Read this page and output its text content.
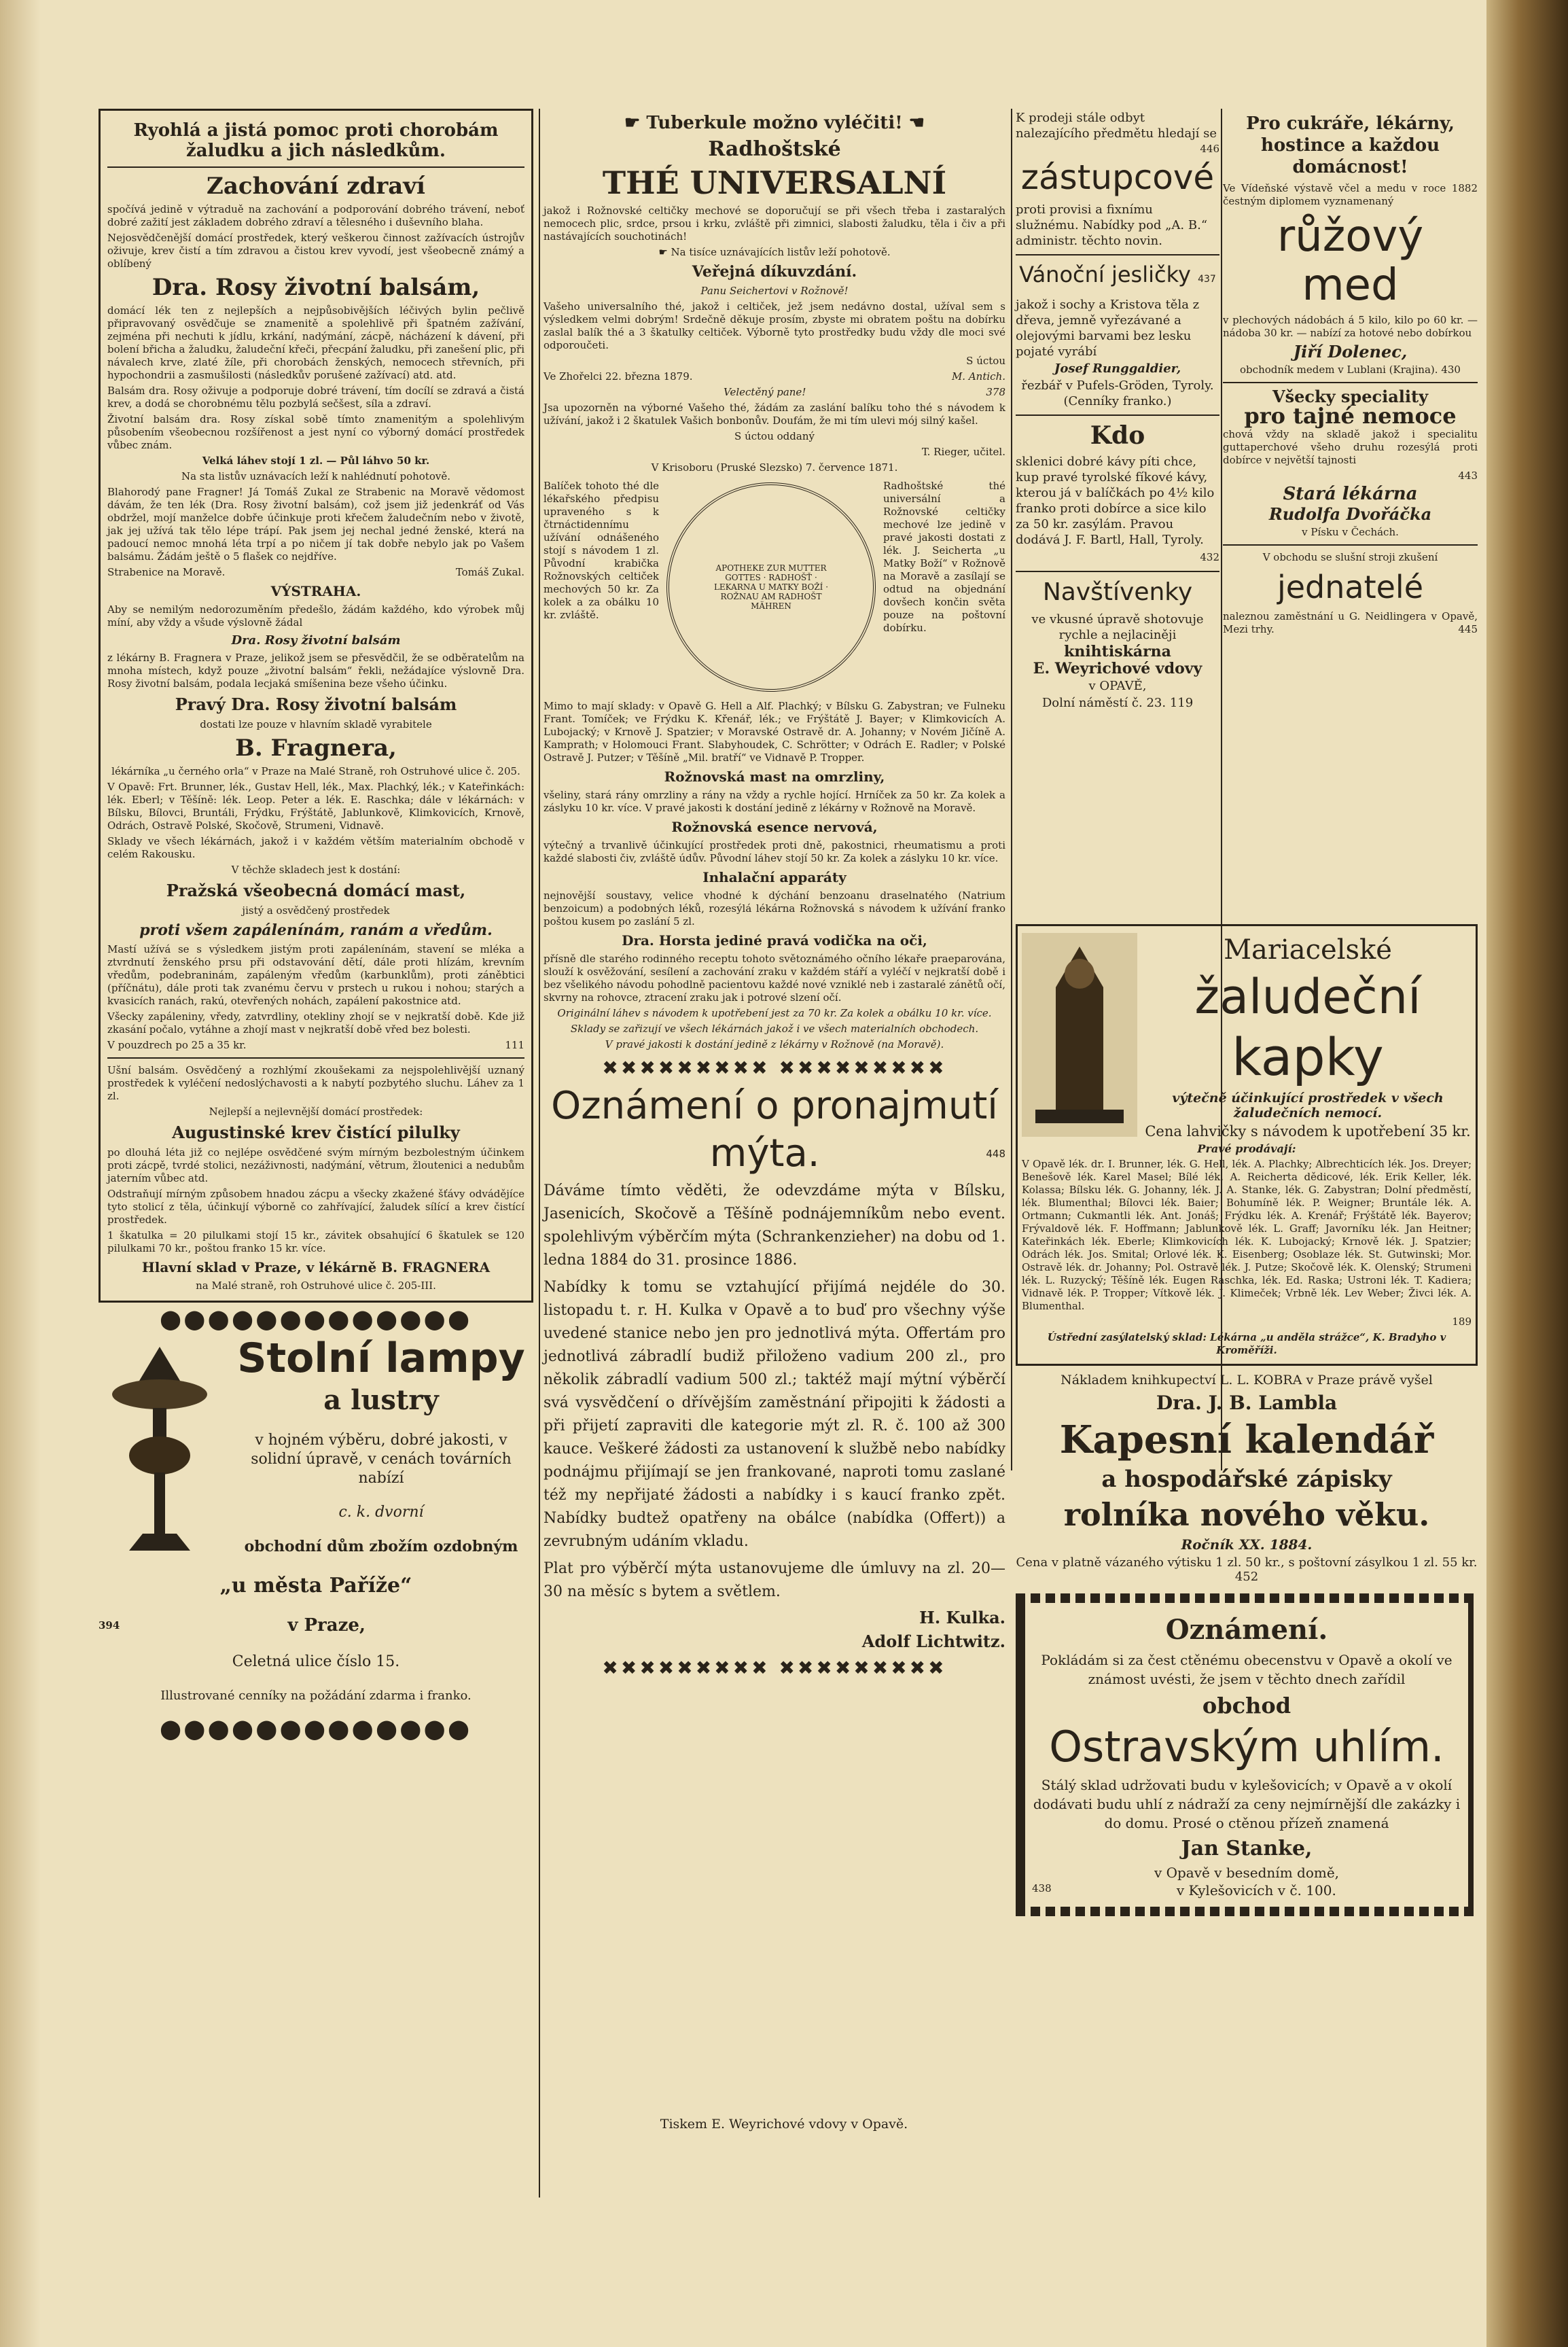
Ryohlá a jistá pomoc proti chorobám žaludku a jich následkům.
Zachování zdraví

spočívá jedině v výtraduě na zachování a podporování dobrého trávení, neboť dobré zažití jest základem dobrého zdraví a tělesného i duševního blaha.

Nejosvědčenější domácí prostředek, který veškerou činnost zažívacích ústrojův oživuje, krev čistí a tím zdravou a čistou krev vyvodí, jest všeobecně známý a oblíbený

Dra. Rosy životní balsám,

domácí lék ten z nejlepších a nejpůsobivějších léčivých bylin pečlivě připravovaný osvědčuje se znamenitě a spolehlivě při špatném zažívání, zejména při nechuti k jídlu, krkání, nadýmání, zácpě, nácházení k dávení, při bolení břicha a žaludku, žaludeční křeči, přecpání žaludku, při zanešení plic, při návalech krve, zlaté žíle, při chorobách ženských, nemocech střevních, při hypochondrii a zasmušilosti (následkův porušené zažívací) atd. atd.

Balsám dra. Rosy oživuje a podporuje dobré trávení, tím docílí se zdravá a čistá krev, a dodá se chorobnému tělu pozbylá sečšest, síla a zdraví.

Životní balsám dra. Rosy získal sobě tímto znamenitým a spolehlivým působením všeobecnou rozšířenost a jest nyní co výborný domácí prostředek vůbec znám.

Velká láhev stojí 1 zl. — Půl láhvo 50 kr.

Na sta listův uznávacích leží k nahlédnutí pohotově.

Blahorodý pane Fragner! Já Tomáš Zukal ze Strabenic na Moravě vědomost dávám, že ten lék (Dra. Rosy životní balsám), což jsem již jedenkráť od Vás obdržel, mojí manželce dobře účinkuje proti křečem žaludečním nebo v životě, jak jej užívá tak tělo lépe trápí. Pak jsem jej nechal jedné ženské, která na padoucí nemoc mnohá léta trpí a po ničem jí tak dobře nebylo jak po Vašem balsámu. Žádám ještě o 5 flašek co nejdříve.

Strabenice na Moravě.	Tomáš Zukal.

VÝSTRAHA.

Aby se nemilým nedorozuměním předešlo, žádám každého, kdo výrobek můj míní, aby vždy a všude výslovně žádal

Dra. Rosy životní balsám

z lékárny B. Fragnera v Praze, jelikož jsem se přesvědčil, že se odběratelům na mnoha místech, když pouze „životní balsám“ řekli, nežádajíce výslovně Dra. Rosy životní balsám, podala lecjaká smíšenina beze všeho účinku.

Pravý Dra. Rosy životní balsám

dostati lze pouze v hlavním skladě vyrabitele

B. Fragnera,

lékárníka „u černého orla“ v Praze na Malé Straně, roh Ostruhové ulice č. 205.

V Opavě: Frt. Brunner, lék., Gustav Hell, lék., Max. Plachký, lék.; v Kateřinkách: lék. Eberl; v Těšíně: lék. Leop. Peter a lék. E. Raschka; dále v lékárnách: v Bílsku, Bílovci, Bruntáli, Frýdku, Frýštátě, Jablunkově, Klimkovicích, Krnově, Odrách, Ostravě Polské, Skočově, Strumeni, Vidnavě.

Sklady ve všech lékárnách, jakož i v každém větším materialním obchodě v celém Rakousku.

V těchže skladech jest k dostání:

Pražská všeobecná domácí mast,

jistý a osvědčený prostředek

proti všem zapálenínám, ranám a vředům.

Mastí užívá se s výsledkem jistým proti zapálenínám, stavení se mléka a ztvrdnutí ženského prsu při odstavování dětí, dále proti hlízám, krevním vředům, podebraninám, zapáleným vředům (karbunklům), proti záněbtici (příčnátu), dále proti tak zvanému červu v prstech u rukou i nohou; starých a kvasicích ranách, rakú, otevřených nohách, zapálení pakostnice atd.

Všecky zapáleniny, vředy, zatvrdliny, otekliny zhojí se v nejkratší době. Kde již zkasání počalo, vytáhne a zhojí mast v nejkratší době vřed bez bolesti.

V pouzdrech po 25 a 35 kr.	111

Ušní balsám. Osvědčený a rozhlýmí zkoušekami za nejspolehlivější uznaný prostředek k vyléčení nedoslýchavosti a k nabytí pozbytého sluchu. Láhev za 1 zl.

Nejlepší a nejlevnější domácí prostředek:

Augustinské krev čistící pilulky

po dlouhá léta již co nejlépe osvědčené svým mírným bezbolestným účinkem proti zácpě, tvrdé stolici, nezáživnosti, nadýmání, větrum, žloutenici a nedubům jaterním vůbec atd.

Odstraňují mírným způsobem hnadou zácpu a všecky zkažené šťávy odvádějíce tyto stolicí z těla, účinkují výborně co zahřívající, žaludek sílící a krev čistící prostředek.

1 škatulka = 20 pilulkami stojí 15 kr., závitek obsahující 6 škatulek se 120 pilulkami 70 kr., poštou franko 15 kr. více.

Hlavní sklad v Praze, v lékárně B. FRAGNERA

na Malé straně, roh Ostruhové ulice č. 205-III.

⬤⬤⬤⬤⬤⬤⬤⬤⬤⬤⬤⬤⬤
Stolní lampy
a lustry

v hojném výběru, dobré jakosti, v solidní úpravě, v cenách továrních nabízí

c. k. dvorní

obchodní dům zbožím ozdobným

„u města Paříže“

394	v Praze,

Celetná ulice číslo 15.

Illustrované cenníky na požádání zdarma i franko.

⬤⬤⬤⬤⬤⬤⬤⬤⬤⬤⬤⬤⬤
☛ Tuberkule možno vyléčiti! ☚
Radhoštské
THÉ UNIVERSALNÍ

jakož i Rožnovské celtičky mechové se doporučují se při všech třeba i zastaralých nemocech plic, srdce, prsou i krku, zvláště při zimnici, slabosti žaludku, těla i čiv a při nastávajících souchotinách!

☛ Na tisíce uznávajících listův leží pohotově.

Veřejná díkuvzdání.

Panu Seichertovi v Rožnově!

Vašeho universalního thé, jakož i celtiček, jež jsem nedávno dostal, užíval sem s výsledkem velmi dobrým! Srdečně děkuje prosím, zbyste mi obratem poštu na dobírku zaslal balík thé a 3 škatulky celtiček. Výborně tyto prostředky budu vždy dle moci své odporoučeti.

S úctou

Ve Zhořelci 22. března 1879.	M. Antich.

Velectěný pane!	378

Jsa upozorněn na výborné Vašeho thé, žádám za zaslání balíku toho thé s návodem k užívání, jakož i 2 škatulek Vašich bonbonův. Doufám, že mi tím ulevi mój silný kašel.

S úctou oddaný

T. Rieger, učitel.

V Krisoboru (Pruské Slezsko) 7. července 1871.

Balíček tohoto thé dle lékařského předpisu upraveného s k čtrnáctidennímu užívání odnášeného stojí s návodem 1 zl. Původní krabička Rožnovských celtiček mechových 50 kr. Za kolek a za obálku 10 kr. zvláště.

APOTHEKE ZUR MUTTER GOTTES · RADHOŠŤ · LEKARNA U MATKY BOŽÍ · ROŽNAU AM RADHOŠT MÄHREN

Radhoštské thé universální a Rožnovské celtičky mechové lze jedině v pravé jakosti dostati z lék. J. Seicherta „u Matky Boží“ v Rožnově na Moravě a zasílají se odtud na objednání dovšech končin světa pouze na poštovní dobírku.

Mimo to mají sklady: v Opavě G. Hell a Alf. Plachký; v Bílsku G. Zabystran; ve Fulneku Frant. Tomíček; ve Frýdku K. Křenář, lék.; ve Frýštátě J. Bayer; v Klimkovicích A. Lubojacký; v Krnově J. Spatzier; v Moravské Ostravě dr. A. Johanny; v Novém Jičíně A. Kamprath; v Holomouci Frant. Slabyhoudek, C. Schrötter; v Odrách E. Radler; v Polské Ostravě J. Putzer; v Těšíně „Mil. bratří“ ve Vidnavě P. Tropper.

Rožnovská mast na omrzliny,

všeliny, stará rány omrzliny a rány na vždy a rychle hojící. Hrníček za 50 kr. Za kolek a záslyku 10 kr. více. V pravé jakosti k dostání jedině z lékárny v Rožnově na Moravě.

Rožnovská esence nervová,

výtečný a trvanlivě účinkující prostředek proti dně, pakostnici, rheumatismu a proti každé slabosti čiv, zvláště údův. Původní láhev stojí 50 kr. Za kolek a záslyku 10 kr. více.

Inhalační apparáty

nejnovější soustavy, velice vhodné k dýchání benzoanu draselnatého (Natrium benzoicum) a podobných léků, rozesýlá lékárna Rožnovská s návodem k užívání franko poštou kusem po zaslání 5 zl.

Dra. Horsta jediné pravá vodička na oči,

přísně dle starého rodinného receptu tohoto světoznámého očního lékaře praeparována, slouží k osvěžování, sesílení a zachování zraku v každém stáří a vyléčí v nejkratší době i bez všelikého návodu pohodlně pacientovu každé nové vzniklé neb i zastaralé zánětů očí, skvrny na rohovce, ztracení zraku jak i potrové slzení očí.

Originální láhev s návodem k upotřebení jest za 70 kr. Za kolek a obálku 10 kr. více.

Sklady se zařizují ve všech lékárnách jakož i ve všech materialních obchodech.

V pravé jakosti k dostání jedině z lékárny v Rožnově (na Moravě).

✖✖✖✖✖✖✖✖✖ ✖✖✖✖✖✖✖✖✖
Oznámení o pronajmutí
mýta.	448

Dáváme tímto věděti, že odevzdáme mýta v Bílsku, Jasenicích, Skočově a Těšíně podnájemníkům nebo event. spolehlivým výběrčím mýta (Schrankenzieher) na dobu od 1. ledna 1884 do 31. prosince 1886.

Nabídky k tomu se vztahující přijímá nejdéle do 30. listopadu t. r. H. Kulka v Opavě a to buď pro všechny výše uvedené stanice nebo jen pro jednotlivá mýta. Offertám pro jednotlivá zábradlí budiž přiloženo vadium 200 zl., pro několik zábradlí vadium 500 zl.; taktéž mají mýtní výběrčí svá vysvědčení o dřívějším zaměstnání připojiti k žádosti a při přijetí zapraviti dle kategorie mýt zl. R. č. 100 až 300 kauce. Veškeré žádosti za ustanovení k službě nebo nabídky podnájmu přijímají se jen frankované, naproti tomu zaslané též my nepřijaté žádosti a nabídky i s kaucí franko zpět. Nabídky budtež opatřeny na obálce (nabídka (Offert)) a zevrubným udáním vkladu.

Plat pro výběrčí mýta ustanovujeme dle úmluvy na zl. 20—30 na měsíc s bytem a světlem.

H. Kulka.
Adolf Lichtwitz.
✖✖✖✖✖✖✖✖✖ ✖✖✖✖✖✖✖✖✖

K prodeji stále odbyt nalezajícího předmětu hledají se
446

zástupcové

proti provisi a fixnímu služnému. Nabídky pod „A. B.“ administr. těchto novin.

Vánoční jesličky 437

jakož i sochy a Kristova těla z dřeva, jemně vyřezávané a olejovými barvami bez lesku pojaté vyrábí

Josef Runggaldier,

řezbář v Pufels-Gröden, Tyroly. (Cenníky franko.)

Kdo

sklenici dobré kávy píti chce, kup pravé tyrolské fíkové kávy, kterou já v balíčkách po 4½ kilo franko proti dobírce a sice kilo za 50 kr. zasýlám. Pravou dodává J. F. Bartl, Hall, Tyroly.

432

Navštívenky

ve vkusné úpravě shotovuje rychle a nejlaciněji

knihtiskárna

E. Weyrichové vdovy

v OPAVĚ,

Dolní náměstí č. 23. 119

Pro cukráře, lékárny, hostince a každou domácnost!

Ve Vídeňské výstavě včel a medu v roce 1882 čestným diplomem vyznamenaný

růžový med

v plechových nádobách á 5 kilo, kilo po 60 kr. — nádoba 30 kr. — nabízí za hotové nebo dobírkou

Jiří Dolenec,

obchodník medem v Lublani (Krajina). 430

Všecky speciality
pro tajné nemoce

chová vždy na skladě jakož i specialitu guttaperchové všeho druhu rozesýlá proti dobírce v největší tajnosti

443

Stará lékárna
Rudolfa Dvořáčka

v Písku v Čechách.

V obchodu se slušní stroji zkušení

jednatelé

naleznou zaměstnání u G. Neidlingera v Opavě, Mezi trhy.	445

Mariacelské
žaludeční
kapky

výtečně účinkující prostředek v všech žaludečních nemocí.

Cena lahvičky s návodem k upotřebení 35 kr.

Pravé prodávají:

V Opavě lék. dr. I. Brunner, lék. G. Hell, lék. A. Plachky; Albrechticích lék. Jos. Dreyer; Benešově lék. Karel Masel; Bílé lék. A. Reichertа dědicové, lék. Erik Keller, lék. Kolassa; Bílsku lék. G. Johanny, lék. J. A. Stanke, lék. G. Zabystran; Dolní předměstí, lék. Blumenthal; Bílovci lék. Baier; Bohumíně lék. P. Weigner; Bruntále lék. A. Ortmann; Cukmantli lék. Ant. Jonáš; Frýdku lék. A. Krenář; Frýštátě lék. Bayerov; Frývaldově lék. F. Hoffmann; Jablunkově lék. L. Graff; Javorníku lék. Jan Heitner; Kateřinkách lék. Eberle; Klimkovicích lék. K. Lubojacký; Krnově lék. J. Spatzier; Odrách lék. Jos. Smital; Orlové lék. K. Eisenberg; Osoblaze lék. St. Gutwinski; Mor. Ostravě lék. dr. Johanny; Pol. Ostravě lék. J. Putze; Skočově lék. K. Olenský; Strumeni lék. L. Ruzycký; Těšíně lék. Eugen Raschka, lék. Ed. Raska; Ustroni lék. T. Kadiera; Vidnavě lék. P. Tropper; Vítkově lék. J. Klimeček; Vrbně lék. Lev Weber; Živci lék. A. Blumenthal.

189

Ústřední zasýlatelský sklad: Lékárna „u anděla strážce“, K. Bradyho v Kroměříži.

Nákladem knihkupectví L. L. KOBRA v Praze právě vyšel

Dra. J. B. Lambla
Kapesní kalendář
a hospodářské zápisky
rolníka nového věku.

Ročník XX. 1884.

Cena v platně vázaného výtisku 1 zl. 50 kr., s poštovní zásylkou 1 zl. 55 kr. 452

Oznámení.

Pokládám si za čest ctěnému obecenstvu v Opavě a okolí ve známost uvésti, že jsem v těchto dnech zařídil

obchod
Ostravským uhlím.

Stálý sklad udržovati budu v kylešovicích; v Opavě a v okolí dodávati budu uhlí z nádraží za ceny nejmírnější dle zakázky i do domu. Prosé o ctěnou přízeň znamená

Jan Stanke,

v Opavě v besedním domě,

438	v Kylešovicích v č. 100.

Tiskem E. Weyrichové vdovy v Opavě.
